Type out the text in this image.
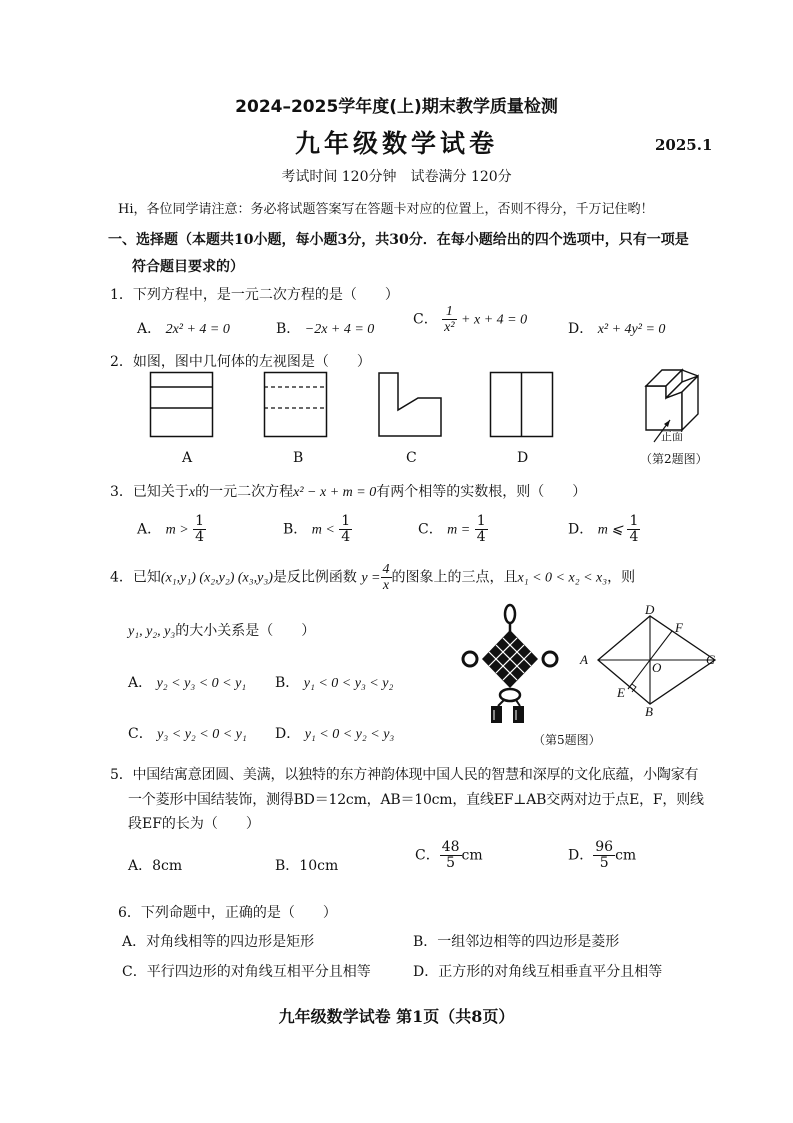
2024–2025学年度(上)期末教学质量检测
九年级数学试卷	2025.1
考试时间 120分钟　试卷满分 120分
Hi，各位同学请注意：务必将试题答案写在答题卡对应的位置上，否则不得分，千万记住哟！
一、选择题（本题共10小题，每小题3分，共30分．在每小题给出的四个选项中，只有一项是
符合题目要求的）
1．下列方程中，是一元二次方程的是（　　）
A． 2x² + 4 = 0	B． −2x + 4 = 0
C． $\frac{1}{\text{x²}} + x + 4 = 0$
D． x² + 4y² = 0
2．如图，图中几何体的左视图是（　　）
A	B	C	D
正面
（第2题图）
3．已知关于x的一元二次方程x² − x + m = 0有两个相等的实数根，则（　　）
A． $m > \frac{1}{4}$	B． $m < \frac{1}{4}$	C． $m = \frac{1}{4}$	D． m ⩽ $\frac{1}{4}$
4．已知(x₁,y₁) (x₂,y₂) (x₃,y₃)是反比例函数 $y = \frac{4}{x}$ 的图象上的三点，且x₁ < 0 < x₂ < x₃，则
y₁, y₂, y₃的大小关系是（　　）
A． y₂ < y₃ < 0 < y₁ B． y₁ < 0 < y₃ < y₂
C． y₃ < y₂ < 0 < y₁ D． y₁ < 0 < y₂ < y₃
D
F
A
O
C
E
B
（第5题图）
5．中国结寓意团圆、美满，以独特的东方神韵体现中国人民的智慧和深厚的文化底蕴，小陶家有
一个菱形中国结装饰，测得BD＝12cm，AB＝10cm，直线EF⊥AB交两对边于点E，F，则线
段EF的长为（　　）
A．8cm	B．10cm
C． $\frac{48}{5}$ cm	D． $\frac{96}{5}$ cm
6．下列命题中，正确的是（　　）
A．对角线相等的四边形是矩形	B．一组邻边相等的四边形是菱形
C．平行四边形的对角线互相平分且相等	D．正方形的对角线互相垂直平分且相等
九年级数学试卷 第1页（共8页）
